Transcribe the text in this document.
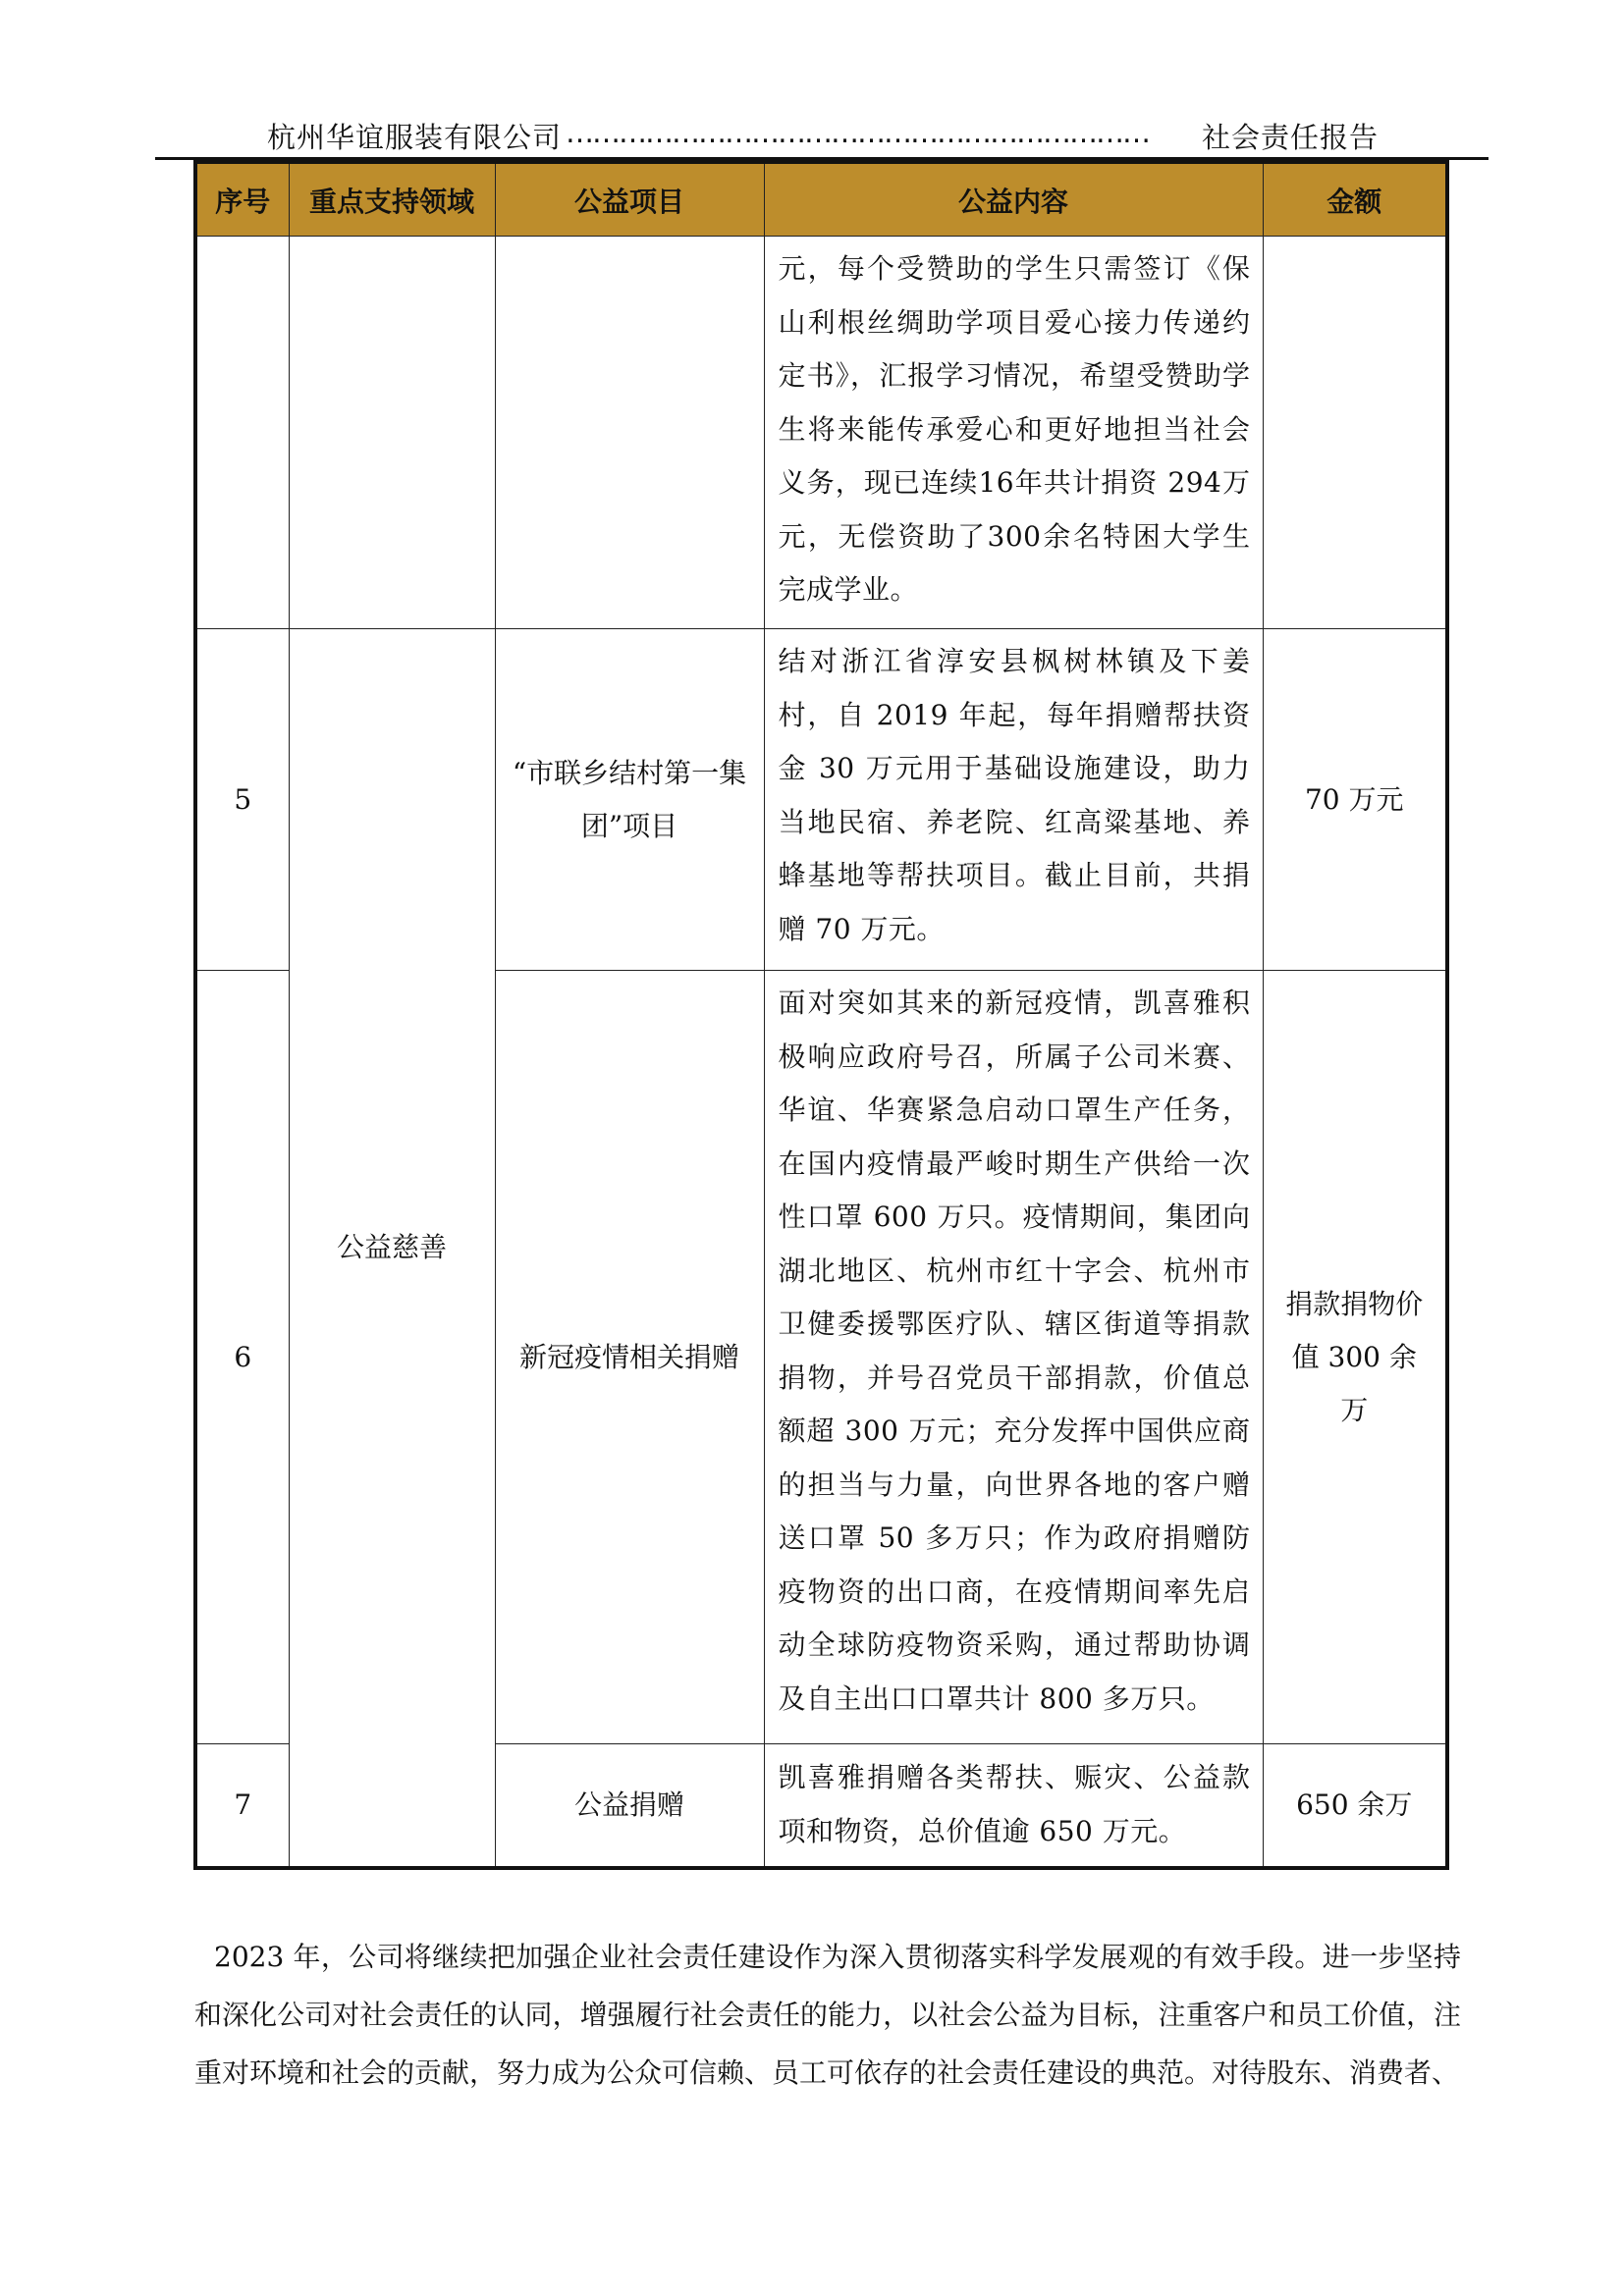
杭州华谊服装有限公司 …………………………………………………………	社会责任报告
序号	重点支持领域	公益项目	公益内容	金额
			元，每个受赞助的学生只需签订《保山利根丝绸助学项目爱心接力传递约定书》，汇报学习情况，希望受赞助学生将来能传承爱心和更好地担当社会义务，现已连续16年共计捐资 294万元，无偿资助了300余名特困大学生完成学业。	
5	公益慈善	“市联乡结村第一集团”项目	结对浙江省淳安县枫树林镇及下姜村，自 2019 年起，每年捐赠帮扶资金 30 万元用于基础设施建设，助力当地民宿、养老院、红高粱基地、养蜂基地等帮扶项目。截止目前，共捐赠 70 万元。	70 万元
6		新冠疫情相关捐赠	面对突如其来的新冠疫情，凯喜雅积极响应政府号召，所属子公司米赛、华谊、华赛紧急启动口罩生产任务，在国内疫情最严峻时期生产供给一次性口罩 600 万只。疫情期间，集团向湖北地区、杭州市红十字会、杭州市卫健委援鄂医疗队、辖区街道等捐款捐物，并号召党员干部捐款，价值总额超 300 万元；充分发挥中国供应商的担当与力量，向世界各地的客户赠送口罩 50 多万只；作为政府捐赠防疫物资的出口商，在疫情期间率先启动全球防疫物资采购，通过帮助协调及自主出口口罩共计 800 多万只。	捐款捐物价值 300 余万
7		公益捐赠	凯喜雅捐赠各类帮扶、赈灾、公益款项和物资，总价值逾 650 万元。	650 余万

2023 年，公司将继续把加强企业社会责任建设作为深入贯彻落实科学发展观的有效手段。进一步坚持和深化公司对社会责任的认同，增强履行社会责任的能力，以社会公益为目标，注重客户和员工价值，注重对环境和社会的贡献，努力成为公众可信赖、员工可依存的社会责任建设的典范。对待股东、消费者、
